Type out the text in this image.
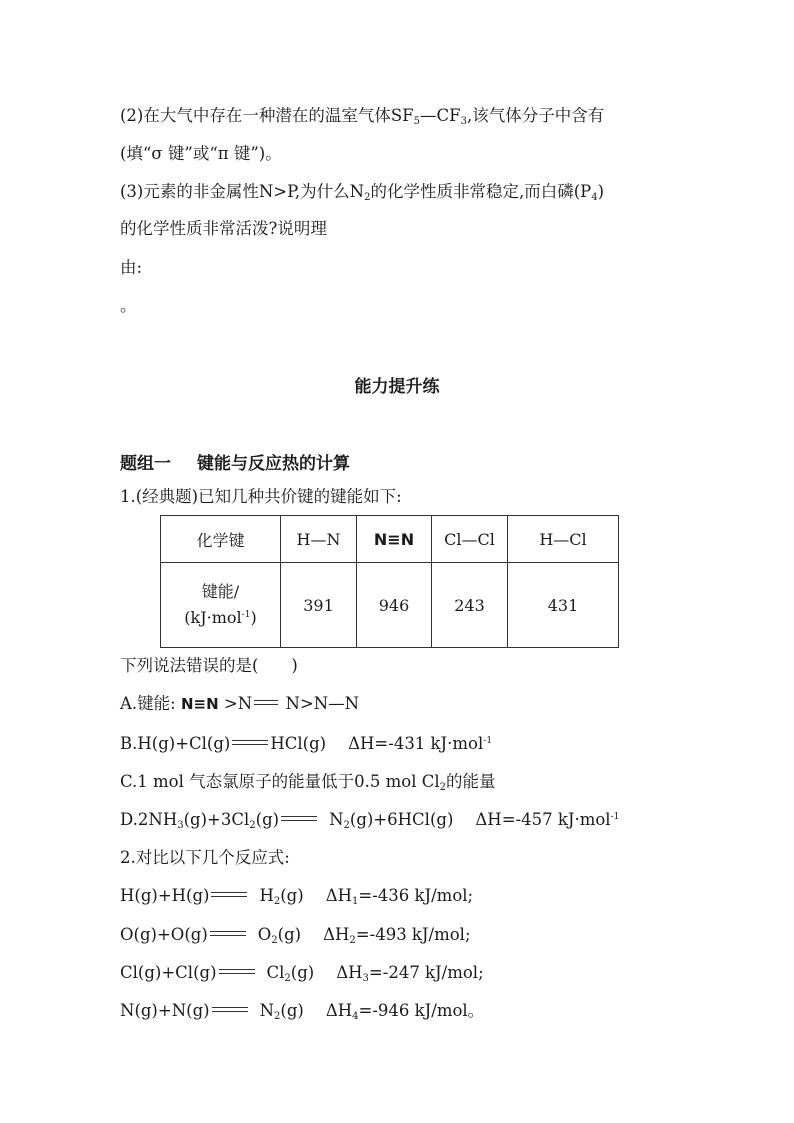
(2)在大气中存在一种潜在的温室气体$SF_5—CF_3$,该气体分子中含有
(填“σ 键”或“π 键”)。
(3)元素的非金属性N>P,为什么$N_2$的化学性质非常稳定,而白磷$(P_4)$
的化学性质非常活泼?说明理
由:
。
能力提升练
题组一 键能与反应热的计算
1.(经典题)已知几种共价键的键能如下:
化学键	H—N	N≡N	Cl—Cl	H—Cl

键能/
(kJ·mol$^{-1}$)	391	946	243	431
下列说法错误的是(　　)
A.键能: N≡N >N N>N—N
B.H(g)+Cl(g) HCl(g) ΔH=-431 kJ·mol$^{-1}$
C.1 mol 气态氯原子的能量低于0.5 mol $Cl_2$的能量
$D.2NH_3(g)+3Cl_2(g)$	$N_2(g)+6HCl(g)$ ΔH=-457 kJ·mol$^{-1}$
2.对比以下几个反应式:
H(g)+H(g)	$H_2(g)$ $\Delta H_1=-436$ kJ/mol;
O(g)+O(g)	$O_2(g)$ $\Delta H_2=-493$ kJ/mol;
Cl(g)+Cl(g)	$Cl_2(g)$ $\Delta H_3=-247$ kJ/mol;
N(g)+N(g)	$N_2(g)$ $\Delta H_4=-946$ kJ/mol。
